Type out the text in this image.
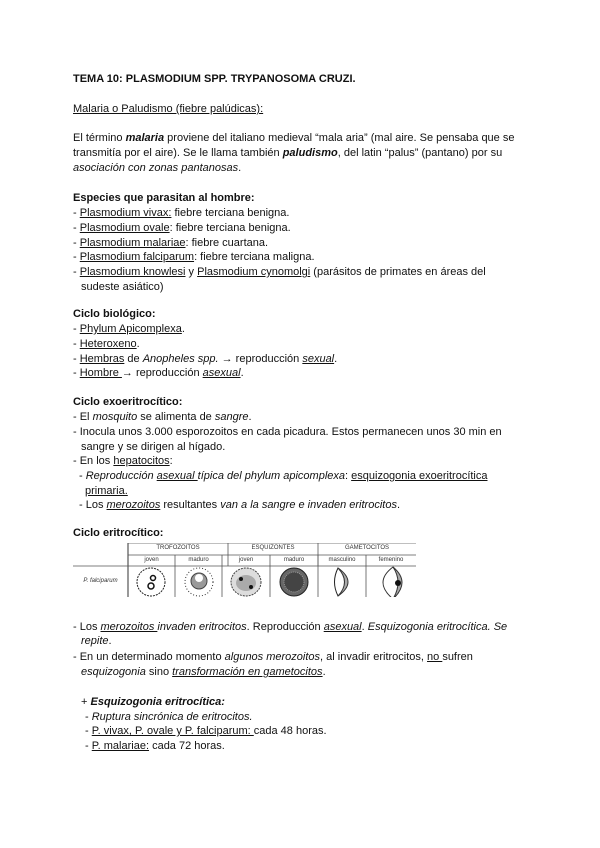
TEMA 10: PLASMODIUM SPP. TRYPANOSOMA CRUZI.
Malaria o Paludismo (fiebre palúdicas):
El término malaria proviene del italiano medieval “mala aria” (mal aire. Se pensaba que se
transmitía por el aire). Se le llama también paludismo, del latin “palus” (pantano) por su
asociación con zonas pantanosas.
Especies que parasitan al hombre:
- Plasmodium vivax: fiebre terciana benigna.
- Plasmodium ovale: fiebre terciana benigna.
- Plasmodium malariae: fiebre cuartana.
- Plasmodium falciparum: fiebre terciana maligna.
- Plasmodium knowlesi y Plasmodium cynomolgi (parásitos de primates en áreas del
sudeste asiático)
Ciclo biológico:
- Phylum Apicomplexa.
- Heteroxeno.
- Hembras de Anopheles spp. → reproducción sexual.
- Hombre → reproducción asexual.
Ciclo exoeritrocítico:
- El mosquito se alimenta de sangre.
- Inocula unos 3.000 esporozoitos en cada picadura. Estos permanecen unos 30 min en
sangre y se dirigen al hígado.
- En los hepatocitos:
- Reproducción asexual típica del phylum apicomplexa: esquizogonia exoeritrocítica
primaria.
- Los merozoitos resultantes van a la sangre e invaden eritrocitos.
Ciclo eritrocítico:
- Los merozoitos invaden eritrocitos. Reproducción asexual. Esquizogonia eritrocítica. Se
repite.
- En un determinado momento algunos merozoitos, al invadir eritrocitos, no sufren
esquizogonia sino transformación en gametocitos.
+ Esquizogonia eritrocítica:
- Ruptura sincrónica de eritrocitos.
- P. vivax, P. ovale y P. falciparum: cada 48 horas.
- P. malariae: cada 72 horas.
TROFOZOITOS	ESQUIZONTES	GAMETOCITOS
joven	maduro	joven	maduro	masculino	femenino
P. falciparum
